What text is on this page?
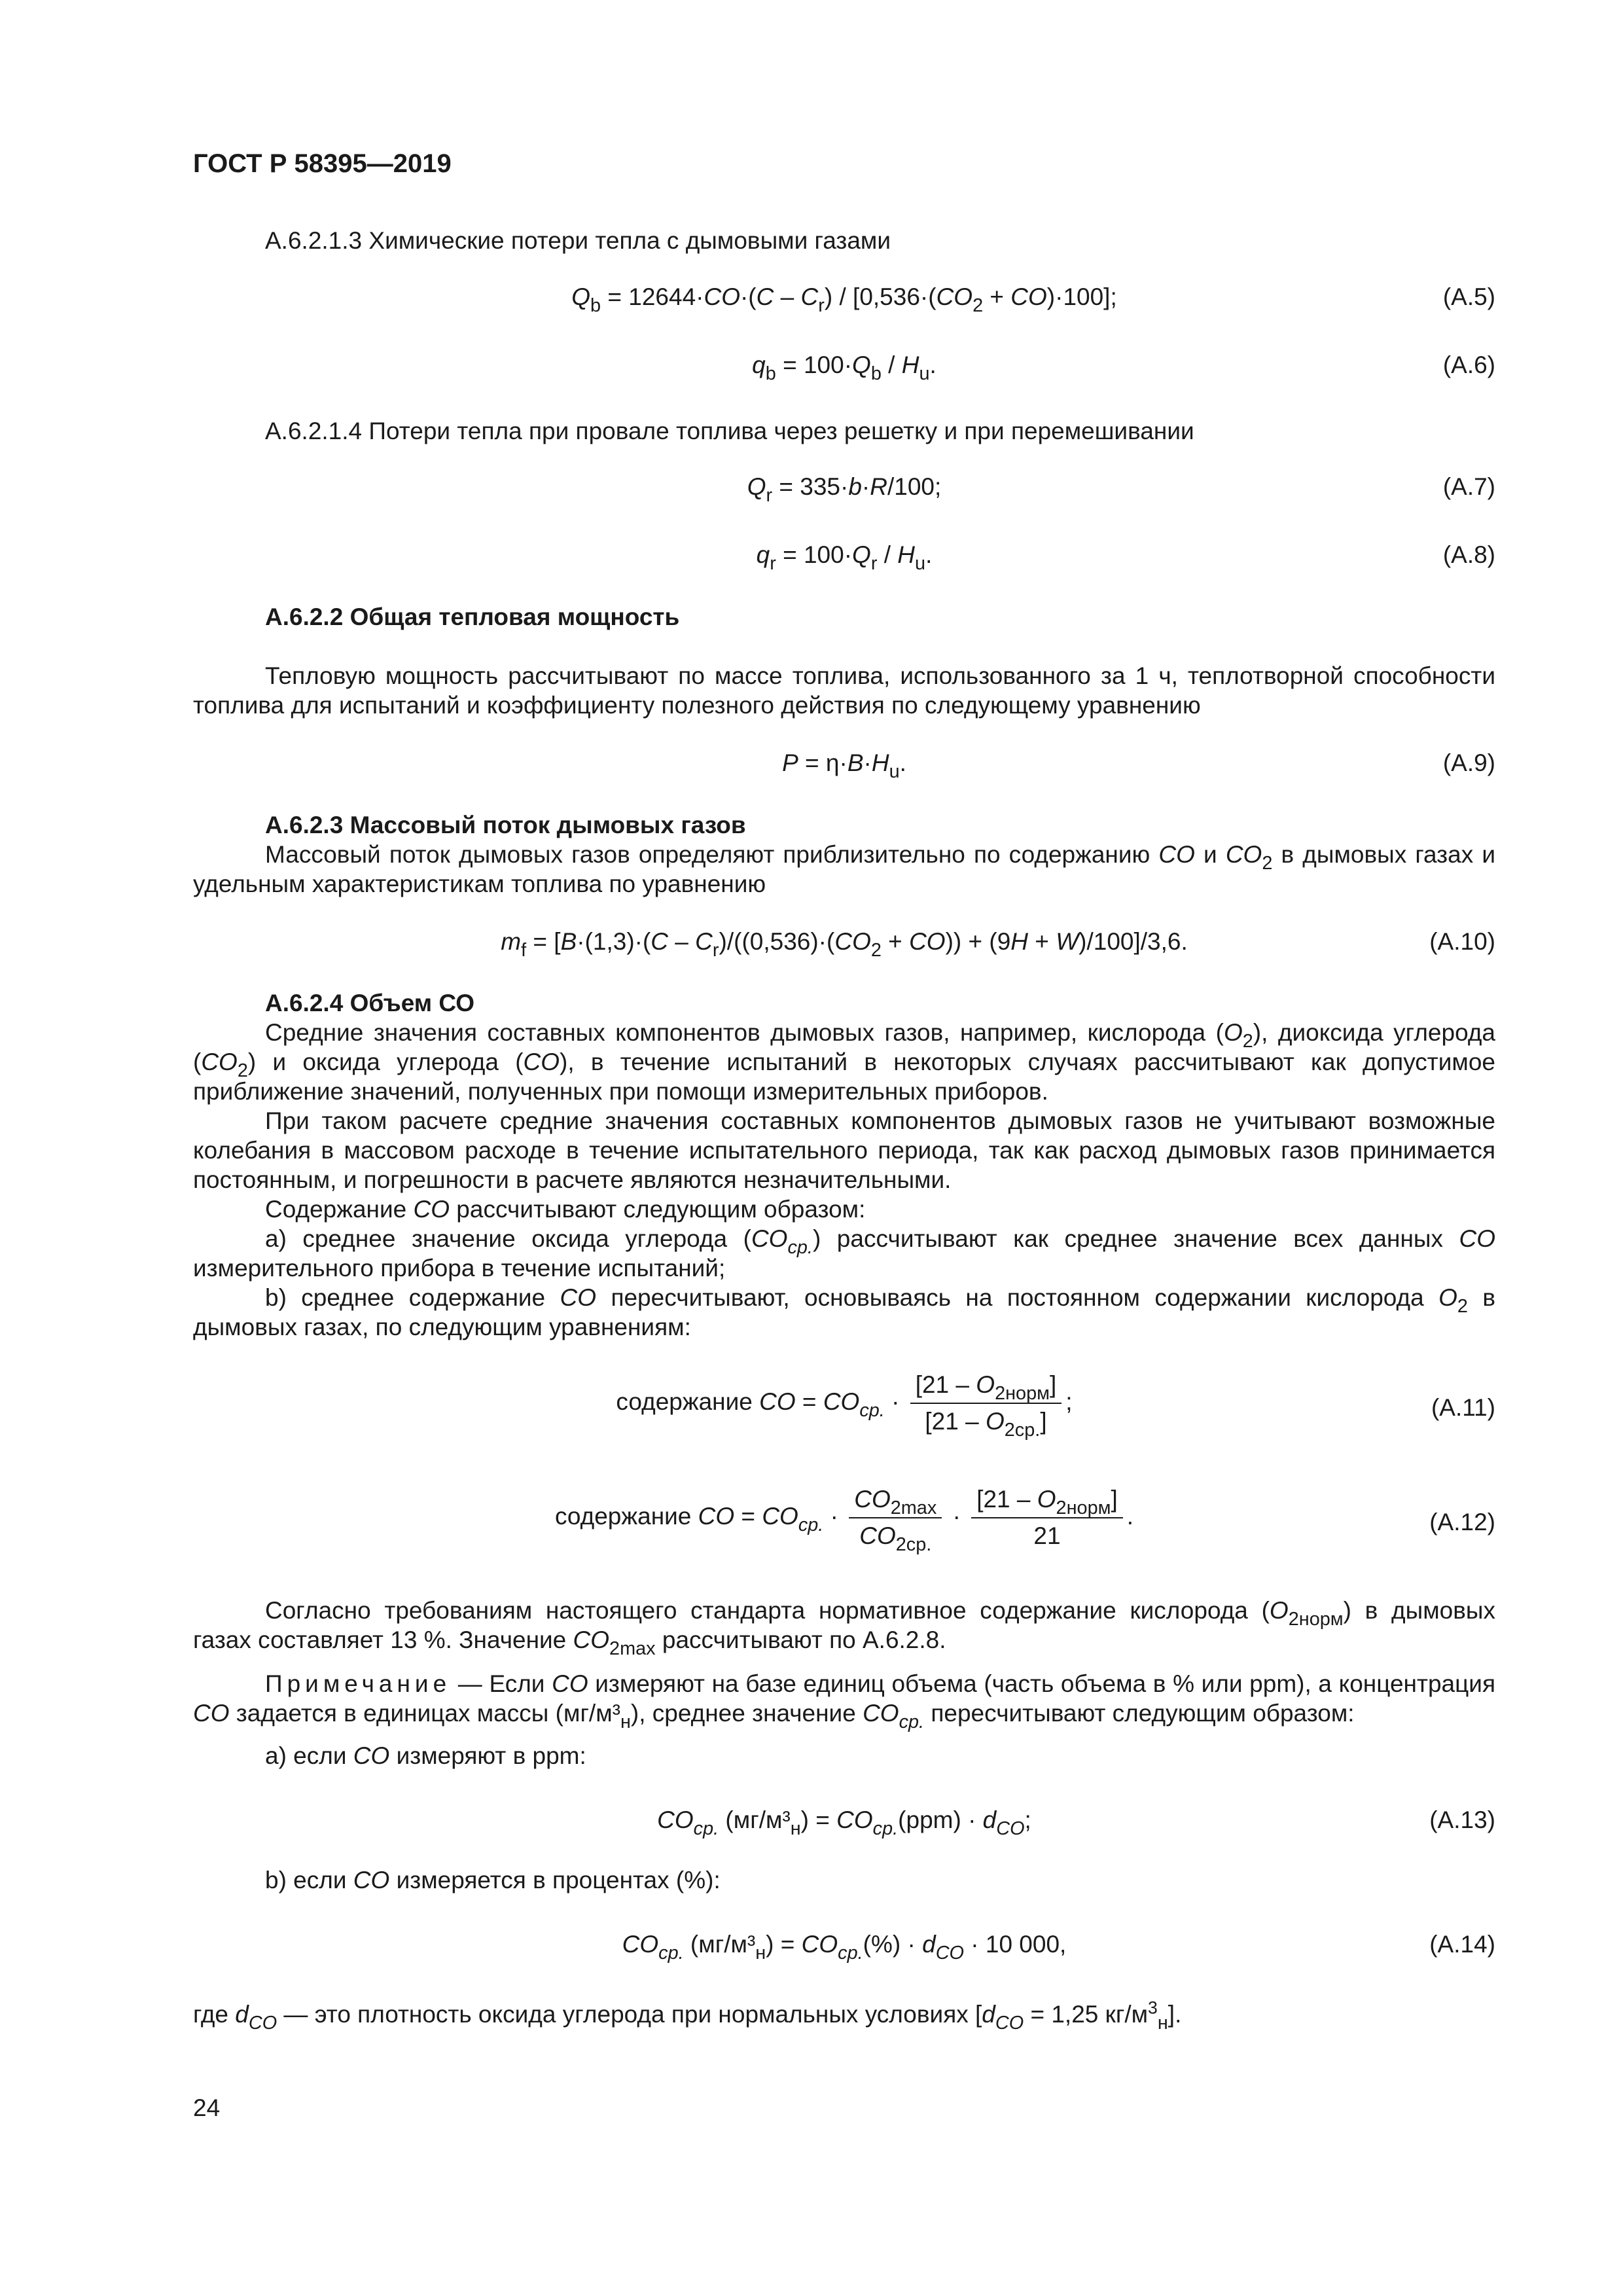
ГОСТ Р 58395—2019
А.6.2.1.3 Химические потери тепла с дымовыми газами
$Q_b = 12644\cdot CO\cdot(C - C_r) / [0,536\cdot(CO_2 + CO)\cdot 100]$;	(A.5)
$q_b = 100\cdot Q_b / H_u$.	(A.6)
А.6.2.1.4 Потери тепла при провале топлива через решетку и при перемешивании
$Q_r = 335\cdot b\cdot R/100$;	(A.7)
$q_r = 100\cdot Q_r / H_u$.	(A.8)
А.6.2.2 Общая тепловая мощность
Тепловую мощность рассчитывают по массе топлива, использованного за 1 ч, теплотворной способности топлива для испытаний и коэффициенту полезного действия по следующему уравнению
$P = \eta\cdot B\cdot H_u$.	(A.9)
А.6.2.3 Массовый поток дымовых газов
Массовый поток дымовых газов определяют приблизительно по содержанию CO и $CO_2$ в дымовых газах и удельным характеристикам топлива по уравнению
$m_f = [B\cdot(1,3)\cdot(C - C_r)/((0,536)\cdot(CO_2 + CO)) + (9H + W)/100]/3,6$.	(A.10)
А.6.2.4 Объем СО
Средние значения составных компонентов дымовых газов, например, кислорода $(O_2)$, диоксида углерода $(CO_2)$ и оксида углерода (CO), в течение испытаний в некоторых случаях рассчитывают как допустимое приближение значений, полученных при помощи измерительных приборов.
При таком расчете средние значения составных компонентов дымовых газов не учитывают возможные колебания в массовом расходе в течение испытательного периода, так как расход дымовых газов принимается постоянным, и погрешности в расчете являются незначительными.
Содержание CO рассчитывают следующим образом:
a) среднее значение оксида углерода $(CO_{ср.})$ рассчитывают как среднее значение всех данных CO измерительного прибора в течение испытаний;
b) среднее содержание CO пересчитывают, основываясь на постоянном содержании кислорода $O_2$ в дымовых газах, по следующим уравнениям:
содержание CO = $CO_{ср.} \cdot \frac{[21 - O_{2норм}]}{[21 - O_{2ср.}]}$ ;	(A.11)
содержание CO = $CO_{ср.} \cdot \frac{CO_{2max}}{CO_{2ср.}} \cdot \frac{[21 - O_{2норм}]}{21}$ .	(A.12)
Согласно требованиям настоящего стандарта нормативное содержание кислорода $(O_{2норм})$ в дымовых газах составляет 13 %. Значение $CO_{2max}$ рассчитывают по А.6.2.8.
Примечание — Если CO измеряют на базе единиц объема (часть объема в % или ppm), а концентрация CO задается в единицах массы $(мг/м^3_н)$, среднее значение $CO_{ср.}$ пересчитывают следующим образом:
a) если CO измеряют в ppm:
$CO_{ср.}$ $(мг/м^3_н) = CO_{ср.}(ppm) \cdot d_{CO}$;	(A.13)
b) если CO измеряется в процентах (%):
$CO_{ср.}$ $(мг/м^3_н) = CO_{ср.}(\%) \cdot d_{CO} \cdot 10$ 000,	(A.14)
где $d_{CO}$ — это плотность оксида углерода при нормальных условиях [$d_{CO} = 1,25$ $кг/м^3_н$].
24
